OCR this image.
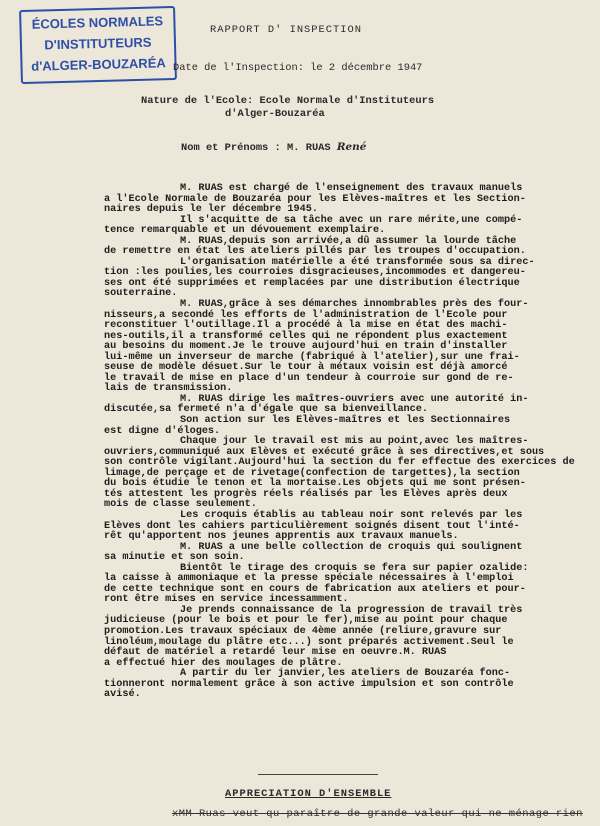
ÉCOLES NORMALES
D'INSTITUTEURS
d'ALGER-BOUZARÉA
RAPPORT D' INSPECTION
Date de l'Inspection: le 2 décembre 1947
Nature de l'Ecole: Ecole Normale d'Instituteurs
d'Alger-Bouzaréa
Nom et Prénoms : M. RUAS René

M. RUAS est chargé de l'enseignement des travaux manuels
a l'Ecole Normale de Bouzaréa pour les Elèves-maîtres et les Section-
naires depuis le ler décembre 1945.

Il s'acquitte de sa tâche avec un rare mérite,une compé-
tence remarquable et un dévouement exemplaire.

M. RUAS,depuis son arrivée,a dû assumer la lourde tâche
de remettre en état les ateliers pillés par les troupes d'occupation.

L'organisation matérielle a été transformée sous sa direc-
tion :les poulies,les courroies disgracieuses,incommodes et dangereu-
ses ont été supprimées et remplacées par une distribution électrique
souterraine.

M. RUAS,grâce à ses démarches innombrables près des four-
nisseurs,a secondé les efforts de l'administration de l'Ecole pour
reconstituer l'outillage.Il a procédé à la mise en état des machi-
nes-outils,il a transformé celles qui ne répondent plus exactement
au besoins du moment.Je le trouve aujourd'hui en train d'installer
lui-même un inverseur de marche (fabriqué à l'atelier),sur une frai-
seuse de modèle désuet.Sur le tour à métaux voisin est déjà amorcé
le travail de mise en place d'un tendeur à courroie sur gond de re-
lais de transmission.

M. RUAS dirige les maîtres-ouvriers avec une autorité in-
discutée,sa fermeté n'a d'égale que sa bienveillance.

Son action sur les Elèves-maîtres et les Sectionnaires
est digne d'éloges.

Chaque jour le travail est mis au point,avec les maîtres-
ouvriers,communiqué aux Elèves et exécuté grâce à ses directives,et sous
son contrôle vigilant.Aujourd'hui la section du fer effectue des exercices de
limage,de perçage et de rivetage(confection de targettes),la section
du bois étudie le tenon et la mortaise.Les objets qui me sont présen-
tés attestent les progrès réels réalisés par les Elèves après deux
mois de classe seulement.

Les croquis établis au tableau noir sont relevés par les
Elèves dont les cahiers particulièrement soignés disent tout l'inté-
rêt qu'apportent nos jeunes apprentis aux travaux manuels.

M. RUAS a une belle collection de croquis qui soulignent
sa minutie et son soin.

Bientôt le tirage des croquis se fera sur papier ozalide:
la caisse à ammoniaque et la presse spéciale nécessaires à l'emploi
de cette technique sont en cours de fabrication aux ateliers et pour-
ront être mises en service incessamment.

Je prends connaissance de la progression de travail très
judicieuse (pour le bois et pour le fer),mise au point pour chaque
promotion.Les travaux spéciaux de 4ème année (reliure,gravure sur
linoléum,moulage du plâtre etc...) sont préparés activement.Seul le
défaut de matériel a retardé leur mise en oeuvre.M. RUAS
a effectué hier des moulages de plâtre.

A partir du ler janvier,les ateliers de Bouzaréa fonc-
tionneront normalement grâce à son active impulsion et son contrôle
avisé.

APPRECIATION D'ENSEMBLE
xMM Ruas veut qu paraître de grande valeur qui ne ménage rien
